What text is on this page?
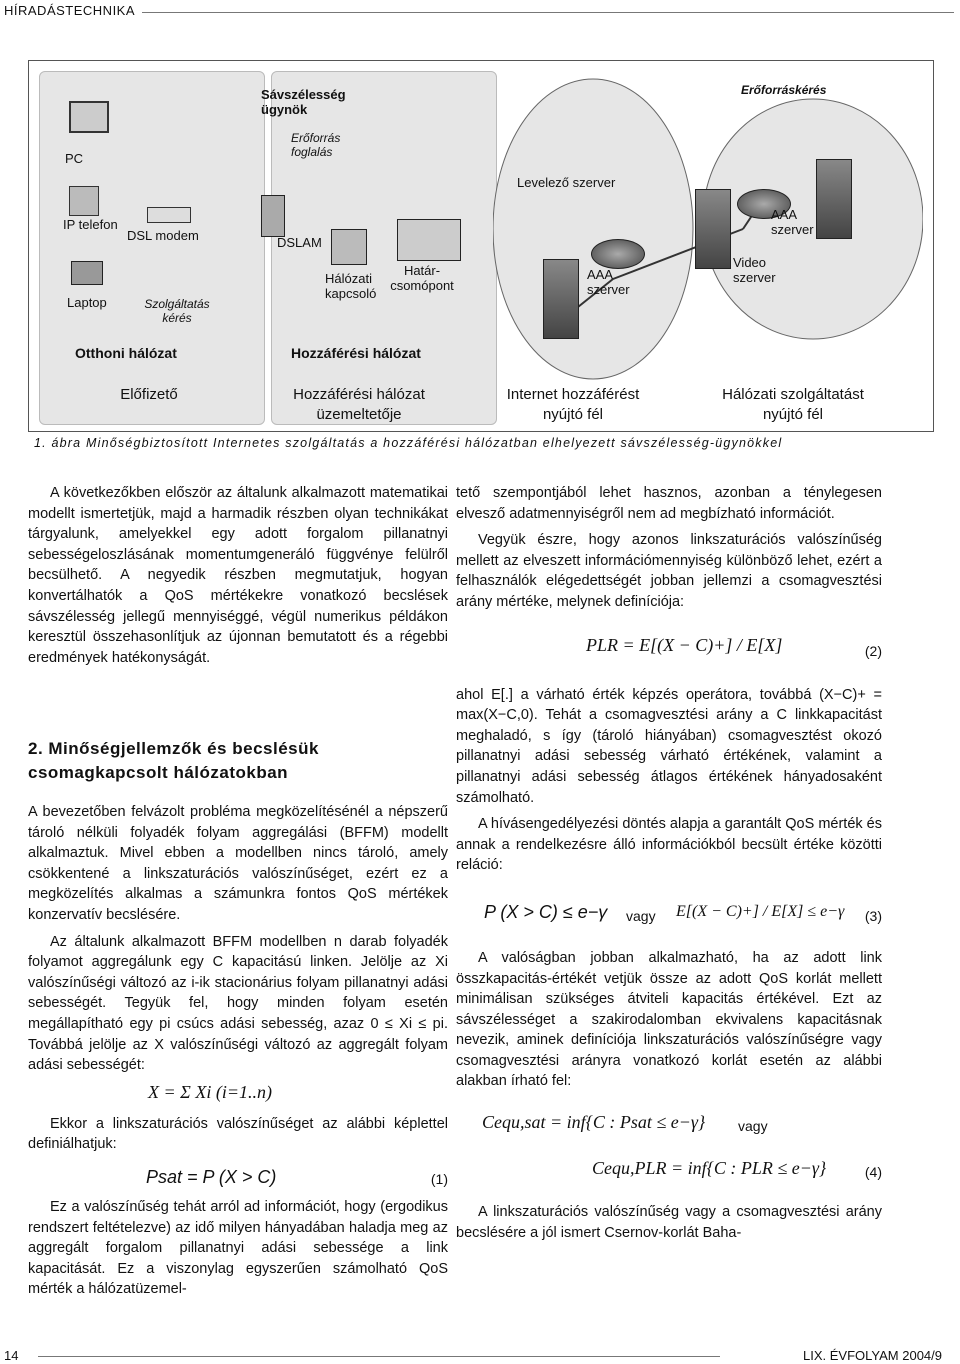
HÍRADÁSTECHNIKA
Sávszélesség ügynök
Erőforráskérés
Erőforrás foglalás
PC
IP telefon
DSL modem
Laptop	Szolgáltatás kérés
DSLAM
Hálózati kapcsoló
Határ-csomópont
AAA szerver
Levelező szerver
AAA szerver
Video szerver
Otthoni hálózat	Hozzáférési hálózat
Előfizető	Hozzáférési hálózat
üzemeltetője
Internet hozzáférést
nyújtó fél
Hálózati szolgáltatást
nyújtó fél
1. ábra Minőségbiztosított Internetes szolgáltatás a hozzáférési hálózatban elhelyezett sávszélesség-ügynökkel

A következőkben először az általunk alkalmazott matematikai modellt ismertetjük, majd a harmadik részben olyan technikákat tárgyalunk, amelyekkel egy adott forgalom pillanatnyi sebességeloszlásának momentumgeneráló függvénye felülről becsülhető. A negyedik részben megmutatjuk, hogyan konvertálhatók a QoS mértékekre vonatkozó becslések sávszélesség jellegű mennyiséggé, végül numerikus példákon keresztül összehasonlítjuk az újonnan bemutatott és a régebbi eredmények hatékonyságát.

2. Minőségjellemzők és becslésük csomagkapcsolt hálózatokban

A bevezetőben felvázolt probléma megközelítésénél a népszerű tároló nélküli folyadék folyam aggregálási (BFFM) modellt alkalmaztuk. Mivel ebben a modellben nincs tároló, amely csökkentené a linkszaturációs valószínűséget, ezért ez a megközelítés alkalmas a számunkra fontos QoS mértékek konzervatív becslésére.

Az általunk alkalmazott BFFM modellben n darab folyadék folyamot aggregálunk egy C kapacitású linken. Jelölje az Xi valószínűségi változó az i-ik stacionárius folyam pillanatnyi adási sebességét. Tegyük fel, hogy minden folyam esetén megállapítható egy pi csúcs adási sebesség, azaz 0 ≤ Xi ≤ pi. Továbbá jelölje az X valószínűségi változó az aggregált folyam adási sebességét:

X = Σ Xi (i=1..n)

Ekkor a linkszaturációs valószínűséget az alábbi képlettel definiálhatjuk:

Psat = P (X > C)	(1)

Ez a valószínűség tehát arról ad információt, hogy (ergodikus rendszert feltételezve) az idő milyen hányadában haladja meg az aggregált forgalom pillanatnyi adási sebessége a link kapacitását. Ez a viszonylag egyszerűen számolható QoS mérték a hálózatüzemel-

tető szempontjából lehet hasznos, azonban a ténylegesen elvesző adatmennyiségről nem ad megbízható információt.

Vegyük észre, hogy azonos linkszaturációs valószínűség mellett az elveszett információmennyiség különböző lehet, ezért a felhasználók elégedettségét jobban jellemzi a csomagvesztési arány mértéke, melynek definíciója:

PLR = E[(X − C)+] / E[X]	(2)

ahol E[.] a várható érték képzés operátora, továbbá (X−C)+ = max(X−C,0). Tehát a csomagvesztési arány a C linkkapacitást meghaladó, s így (tároló hiányában) csomagvesztést okozó pillanatnyi adási sebesség várható értékének, valamint a pillanatnyi adási sebesség átlagos értékének hányadosaként számolható.

A hívásengedélyezési döntés alapja a garantált QoS mérték és annak a rendelkezésre álló információkból becsült értéke közötti reláció:

P (X > C) ≤ e−γ vagy E[(X − C)+] / E[X] ≤ e−γ (3)

A valóságban jobban alkalmazható, ha az adott link összkapacitás-értékét vetjük össze az adott QoS korlát mellett minimálisan szükséges átviteli kapacitás értékével. Ezt az sávszélességet a szakirodalomban ekvivalens kapacitásnak nevezik, aminek definíciója linkszaturációs valószínűségre vagy csomagvesztési arányra vonatkozó korlát esetén az alábbi alakban írható fel:

Cequ,sat = inf{C : Psat ≤ e−γ} vagy
Cequ,PLR = inf{C : PLR ≤ e−γ}	(4)

A linkszaturációs valószínűség vagy a csomagvesztési arány becslésére a jól ismert Csernov-korlát Baha-

14	LIX. ÉVFOLYAM 2004/9
